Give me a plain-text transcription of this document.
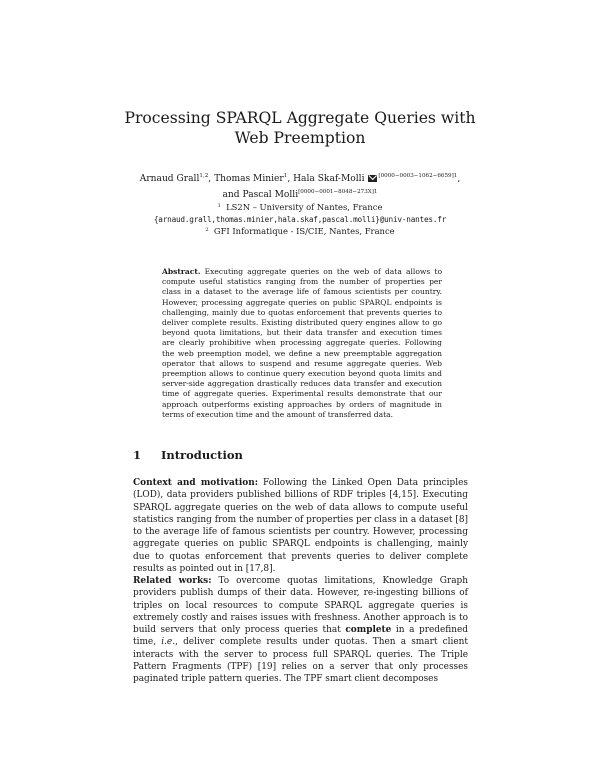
Processing SPARQL Aggregate Queries with Web Preemption
Arnaud Grall$^{1,2}$, Thomas Minier$^1$, Hala Skaf-Molli $^{[0000-0003-1062-6659]1}$,
and Pascal Molli$^{[0000-0001-8048-273X]1}$
$^1$ LS2N – University of Nantes, France
{arnaud.grall,thomas.minier,hala.skaf,pascal.molli}@univ-nantes.fr
$^2$ GFI Informatique - IS/CIE, Nantes, France
Abstract. Executing aggregate queries on the web of data allows to compute useful statistics ranging from the number of properties per class in a dataset to the average life of famous scientists per country. However, processing aggregate queries on public SPARQL endpoints is challenging, mainly due to quotas enforcement that prevents queries to deliver complete results. Existing distributed query engines allow to go beyond quota limitations, but their data transfer and execution times are clearly prohibitive when processing aggregate queries. Following the web preemption model, we define a new preemptable aggregation operator that allows to suspend and resume aggregate queries. Web preemption allows to continue query execution beyond quota limits and server-side aggregation drastically reduces data transfer and execution time of aggregate queries. Experimental results demonstrate that our approach outperforms existing approaches by orders of magnitude in terms of execution time and the amount of transferred data.
1 Introduction

Context and motivation: Following the Linked Open Data principles (LOD), data providers published billions of RDF triples [4,15]. Executing SPARQL aggregate queries on the web of data allows to compute useful statistics ranging from the number of properties per class in a dataset [8] to the average life of famous scientists per country. However, processing aggregate queries on public SPARQL endpoints is challenging, mainly due to quotas enforcement that prevents queries to deliver complete results as pointed out in [17,8].

Related works: To overcome quotas limitations, Knowledge Graph providers publish dumps of their data. However, re-ingesting billions of triples on local resources to compute SPARQL aggregate queries is extremely costly and raises issues with freshness. Another approach is to build servers that only process queries that complete in a predefined time, i.e., deliver complete results under quotas. Then a smart client interacts with the server to process full SPARQL queries. The Triple Pattern Fragments (TPF) [19] relies on a server that only processes paginated triple pattern queries. The TPF smart client decomposes
